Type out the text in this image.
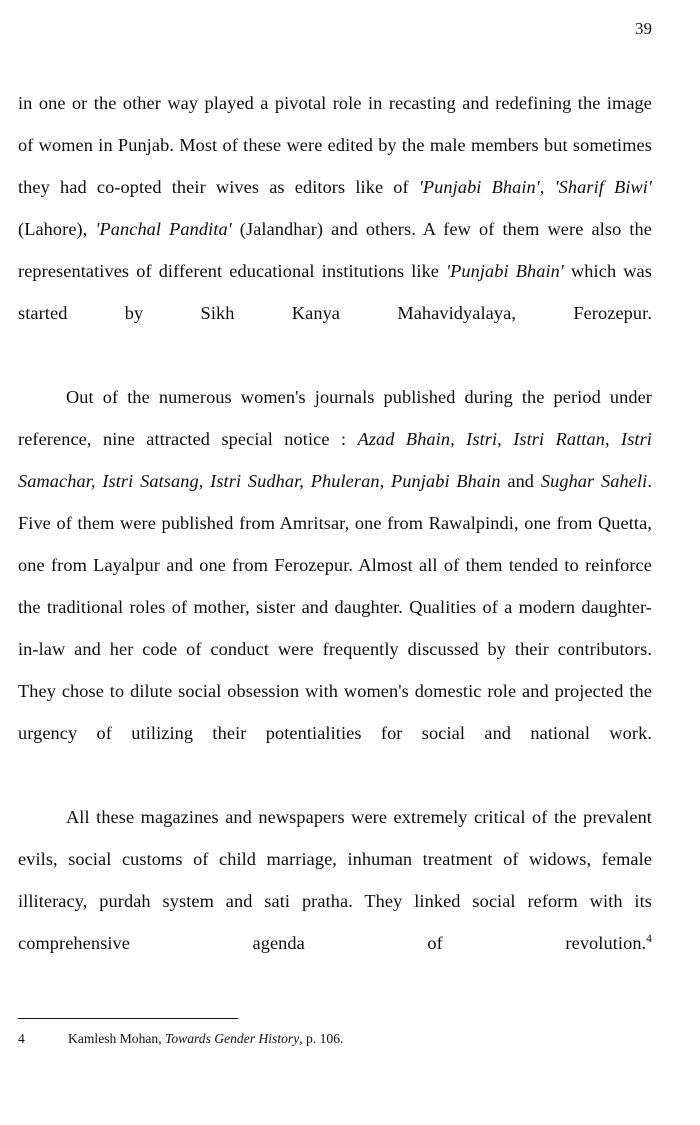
39

in one or the other way played a pivotal role in recasting and redefining the image of women in Punjab. Most of these were edited by the male members but sometimes they had co-opted their wives as editors like of 'Punjabi Bhain', 'Sharif Biwi' (Lahore), 'Panchal Pandita' (Jalandhar) and others. A few of them were also the representatives of different educational institutions like 'Punjabi Bhain' which was started by Sikh Kanya Mahavidyalaya, Ferozepur.

Out of the numerous women's journals published during the period under reference, nine attracted special notice : Azad Bhain, Istri, Istri Rattan, Istri Samachar, Istri Satsang, Istri Sudhar, Phuleran, Punjabi Bhain and Sughar Saheli. Five of them were published from Amritsar, one from Rawalpindi, one from Quetta, one from Layalpur and one from Ferozepur. Almost all of them tended to reinforce the traditional roles of mother, sister and daughter. Qualities of a modern daughter-in-law and her code of conduct were frequently discussed by their contributors. They chose to dilute social obsession with women's domestic role and projected the urgency of utilizing their potentialities for social and national work.

All these magazines and newspapers were extremely critical of the prevalent evils, social customs of child marriage, inhuman treatment of widows, female illiteracy, purdah system and sati pratha. They linked social reform with its comprehensive agenda of revolution.$^4$

4	Kamlesh Mohan, Towards Gender History, p. 106.
